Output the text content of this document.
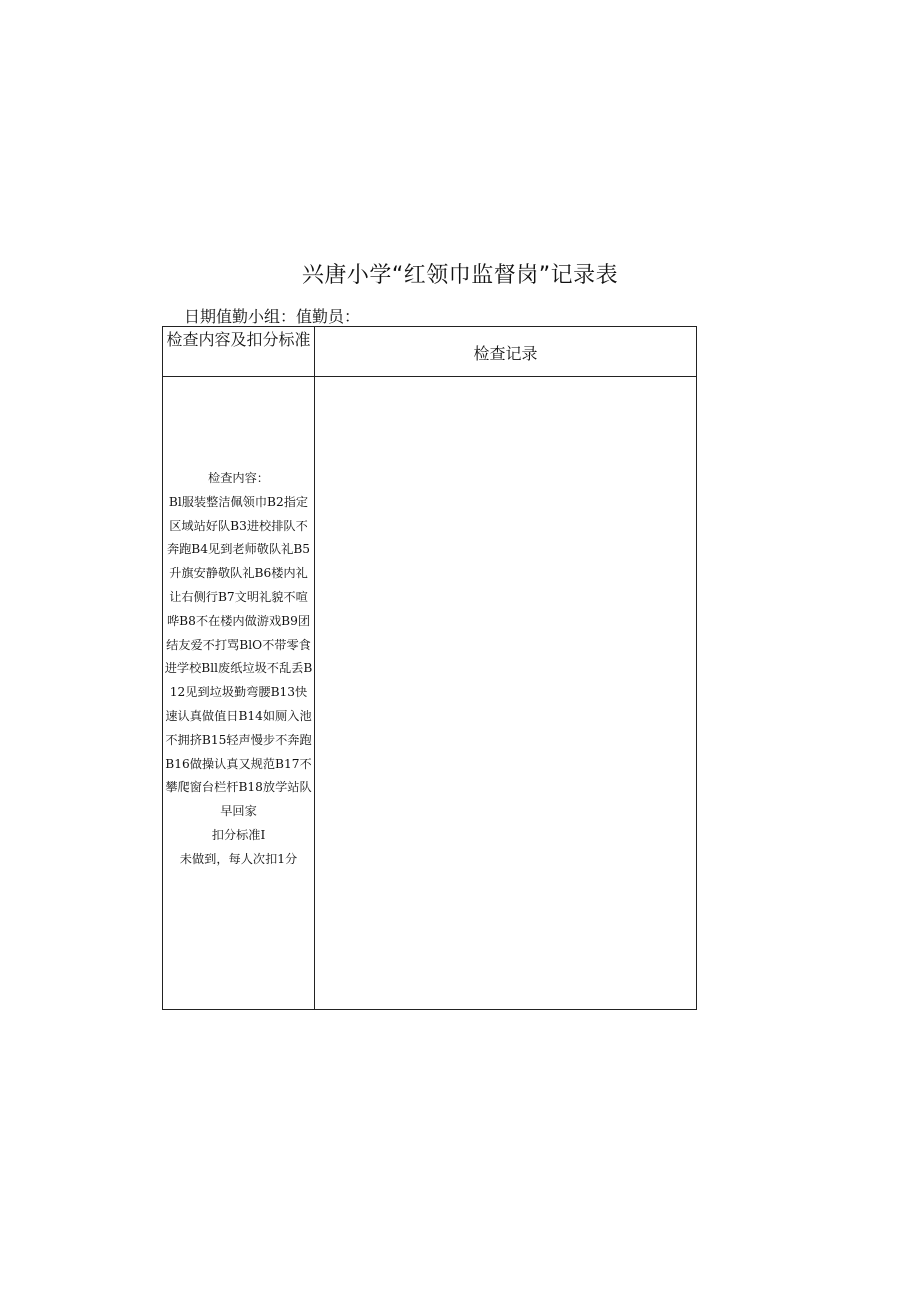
兴唐小学“红领巾监督岗”记录表
日期值勤小组：值勤员：
检查内容及扣分标准
检查记录
检查内容：
Bl服装整洁佩领巾B2指定区域站好队B3进校排队不奔跑B4见到老师敬队礼B5升旗安静敬队礼B6楼内礼让右侧行B7文明礼貌不喧哗B8不在楼内做游戏B9团结友爱不打骂BlO不带零食进学校Bll废纸垃圾不乱丢B12见到垃圾勤弯腰B13快速认真做值日B14如厕入池不拥挤B15轻声慢步不奔跑B16做操认真又规范B17不攀爬窗台栏杆B18放学站队早回家
扣分标准I
未做到，每人次扣1分
